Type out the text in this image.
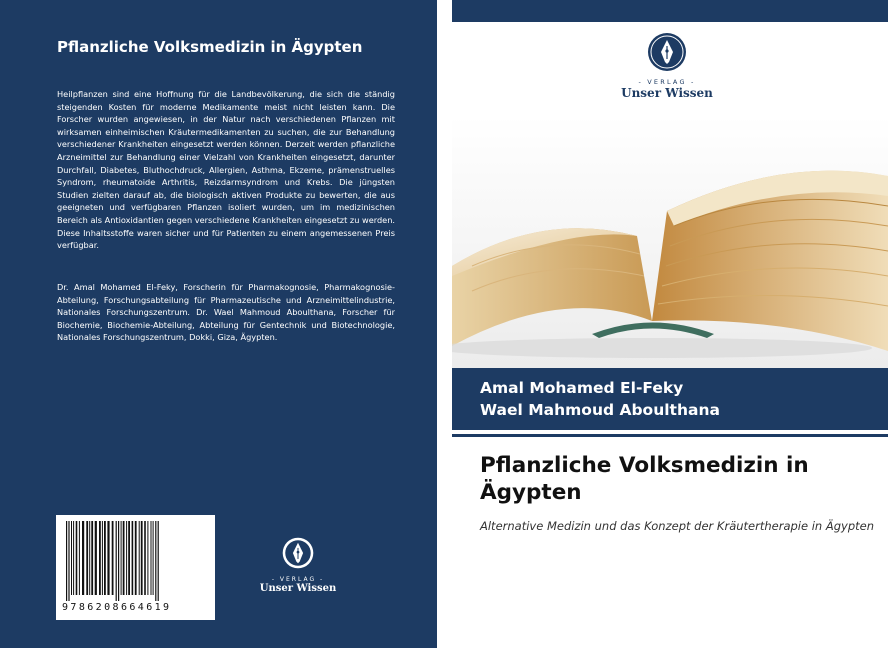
Pflanzliche Volksmedizin in Ägypten

Heilpflanzen sind eine Hoffnung für die Landbevölkerung, die sich die ständig steigenden Kosten für moderne Medikamente meist nicht leisten kann. Die Forscher wurden angewiesen, in der Natur nach verschiedenen Pflanzen mit wirksamen einheimischen Kräutermedikamenten zu suchen, die zur Behandlung verschiedener Krankheiten eingesetzt werden können. Derzeit werden pflanzliche Arzneimittel zur Behandlung einer Vielzahl von Krankheiten eingesetzt, darunter Durchfall, Diabetes, Bluthochdruck, Allergien, Asthma, Ekzeme, prämenstruelles Syndrom, rheumatoide Arthritis, Reizdarmsyndrom und Krebs. Die jüngsten Studien zielten darauf ab, die biologisch aktiven Produkte zu bewerten, die aus geeigneten und verfügbaren Pflanzen isoliert wurden, um im medizinischen Bereich als Antioxidantien gegen verschiedene Krankheiten eingesetzt zu werden. Diese Inhaltsstoffe waren sicher und für Patienten zu einem angemessenen Preis verfügbar.

Dr. Amal Mohamed El-Feky, Forscherin für Pharmakognosie, Pharmakognosie-Abteilung, Forschungsabteilung für Pharmazeutische und Arzneimittelindustrie, Nationales Forschungszentrum. Dr. Wael Mahmoud Aboulthana, Forscher für Biochemie, Biochemie-Abteilung, Abteilung für Gentechnik und Biotechnologie, Nationales Forschungszentrum, Dokki, Giza, Ägypten.

9786208664619
- VERLAG -
Unser Wissen
- VERLAG -
Unser Wissen
Amal Mohamed El-Feky
Wael Mahmoud Aboulthana
Pflanzliche Volksmedizin in Ägypten

Alternative Medizin und das Konzept der Kräutertherapie in Ägypten
